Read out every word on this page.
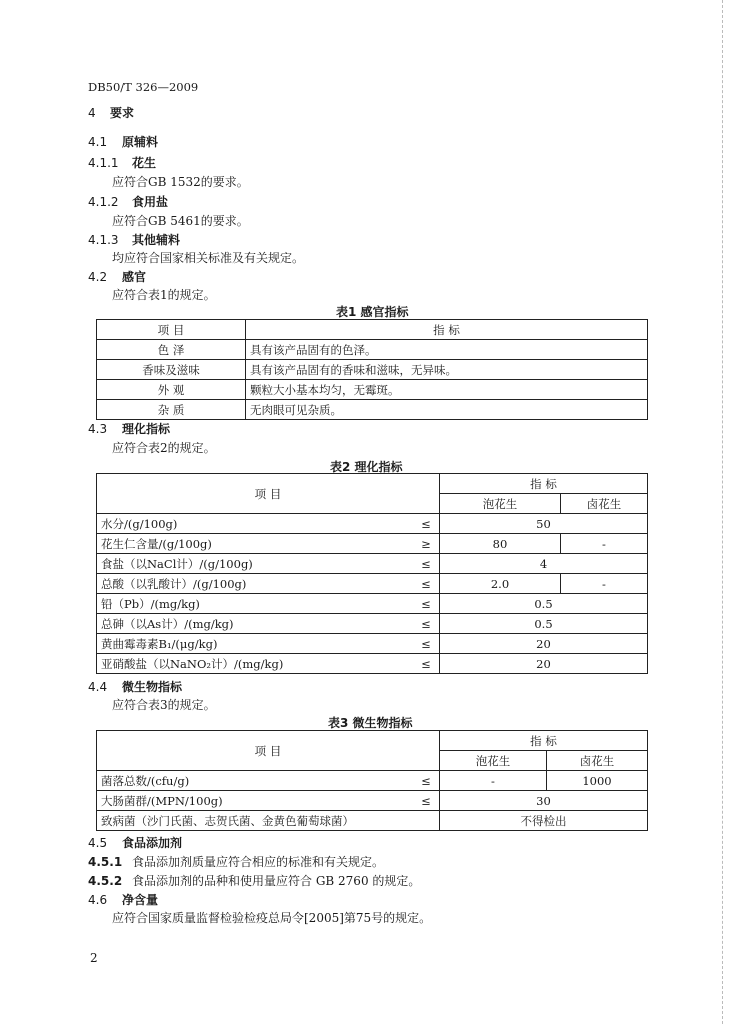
DB50/T 326—2009
4 要求
4.1 原辅料
4.1.1 花生
应符合GB 1532的要求。
4.1.2 食用盐
应符合GB 5461的要求。
4.1.3 其他辅料
均应符合国家相关标准及有关规定。
4.2 感官
应符合表1的规定。
表1 感官指标
项 目	指 标
色 泽	具有该产品固有的色泽。
香味及滋味	具有该产品固有的香味和滋味，无异味。
外 观	颗粒大小基本均匀，无霉斑。
杂 质	无肉眼可见杂质。
4.3 理化指标
应符合表2的规定。
表2 理化指标
项 目		指 标	
		泡花生	卤花生
水分/(g/100g)	≤	50	
花生仁含量/(g/100g)	≥	80	-
食盐（以NaCl计）/(g/100g)	≤	4	
总酸（以乳酸计）/(g/100g)	≤	2.0	-
铅（Pb）/(mg/kg)	≤	0.5	
总砷（以As计）/(mg/kg)	≤	0.5	
黄曲霉毒素B₁/(μg/kg)	≤	20	
亚硝酸盐（以NaNO₂计）/(mg/kg)	≤	20	
4.4 微生物指标
应符合表3的规定。
表3 微生物指标
项 目		指 标	
		泡花生	卤花生
菌落总数/(cfu/g)	≤	-	1000
大肠菌群/(MPN/100g)	≤	30	
致病菌（沙门氏菌、志贺氏菌、金黄色葡萄球菌）		不得检出	
4.5 食品添加剂
4.5.1 食品添加剂质量应符合相应的标准和有关规定。
4.5.2 食品添加剂的品种和使用量应符合 GB 2760 的规定。
4.6 净含量
应符合国家质量监督检验检疫总局令[2005]第75号的规定。
2
